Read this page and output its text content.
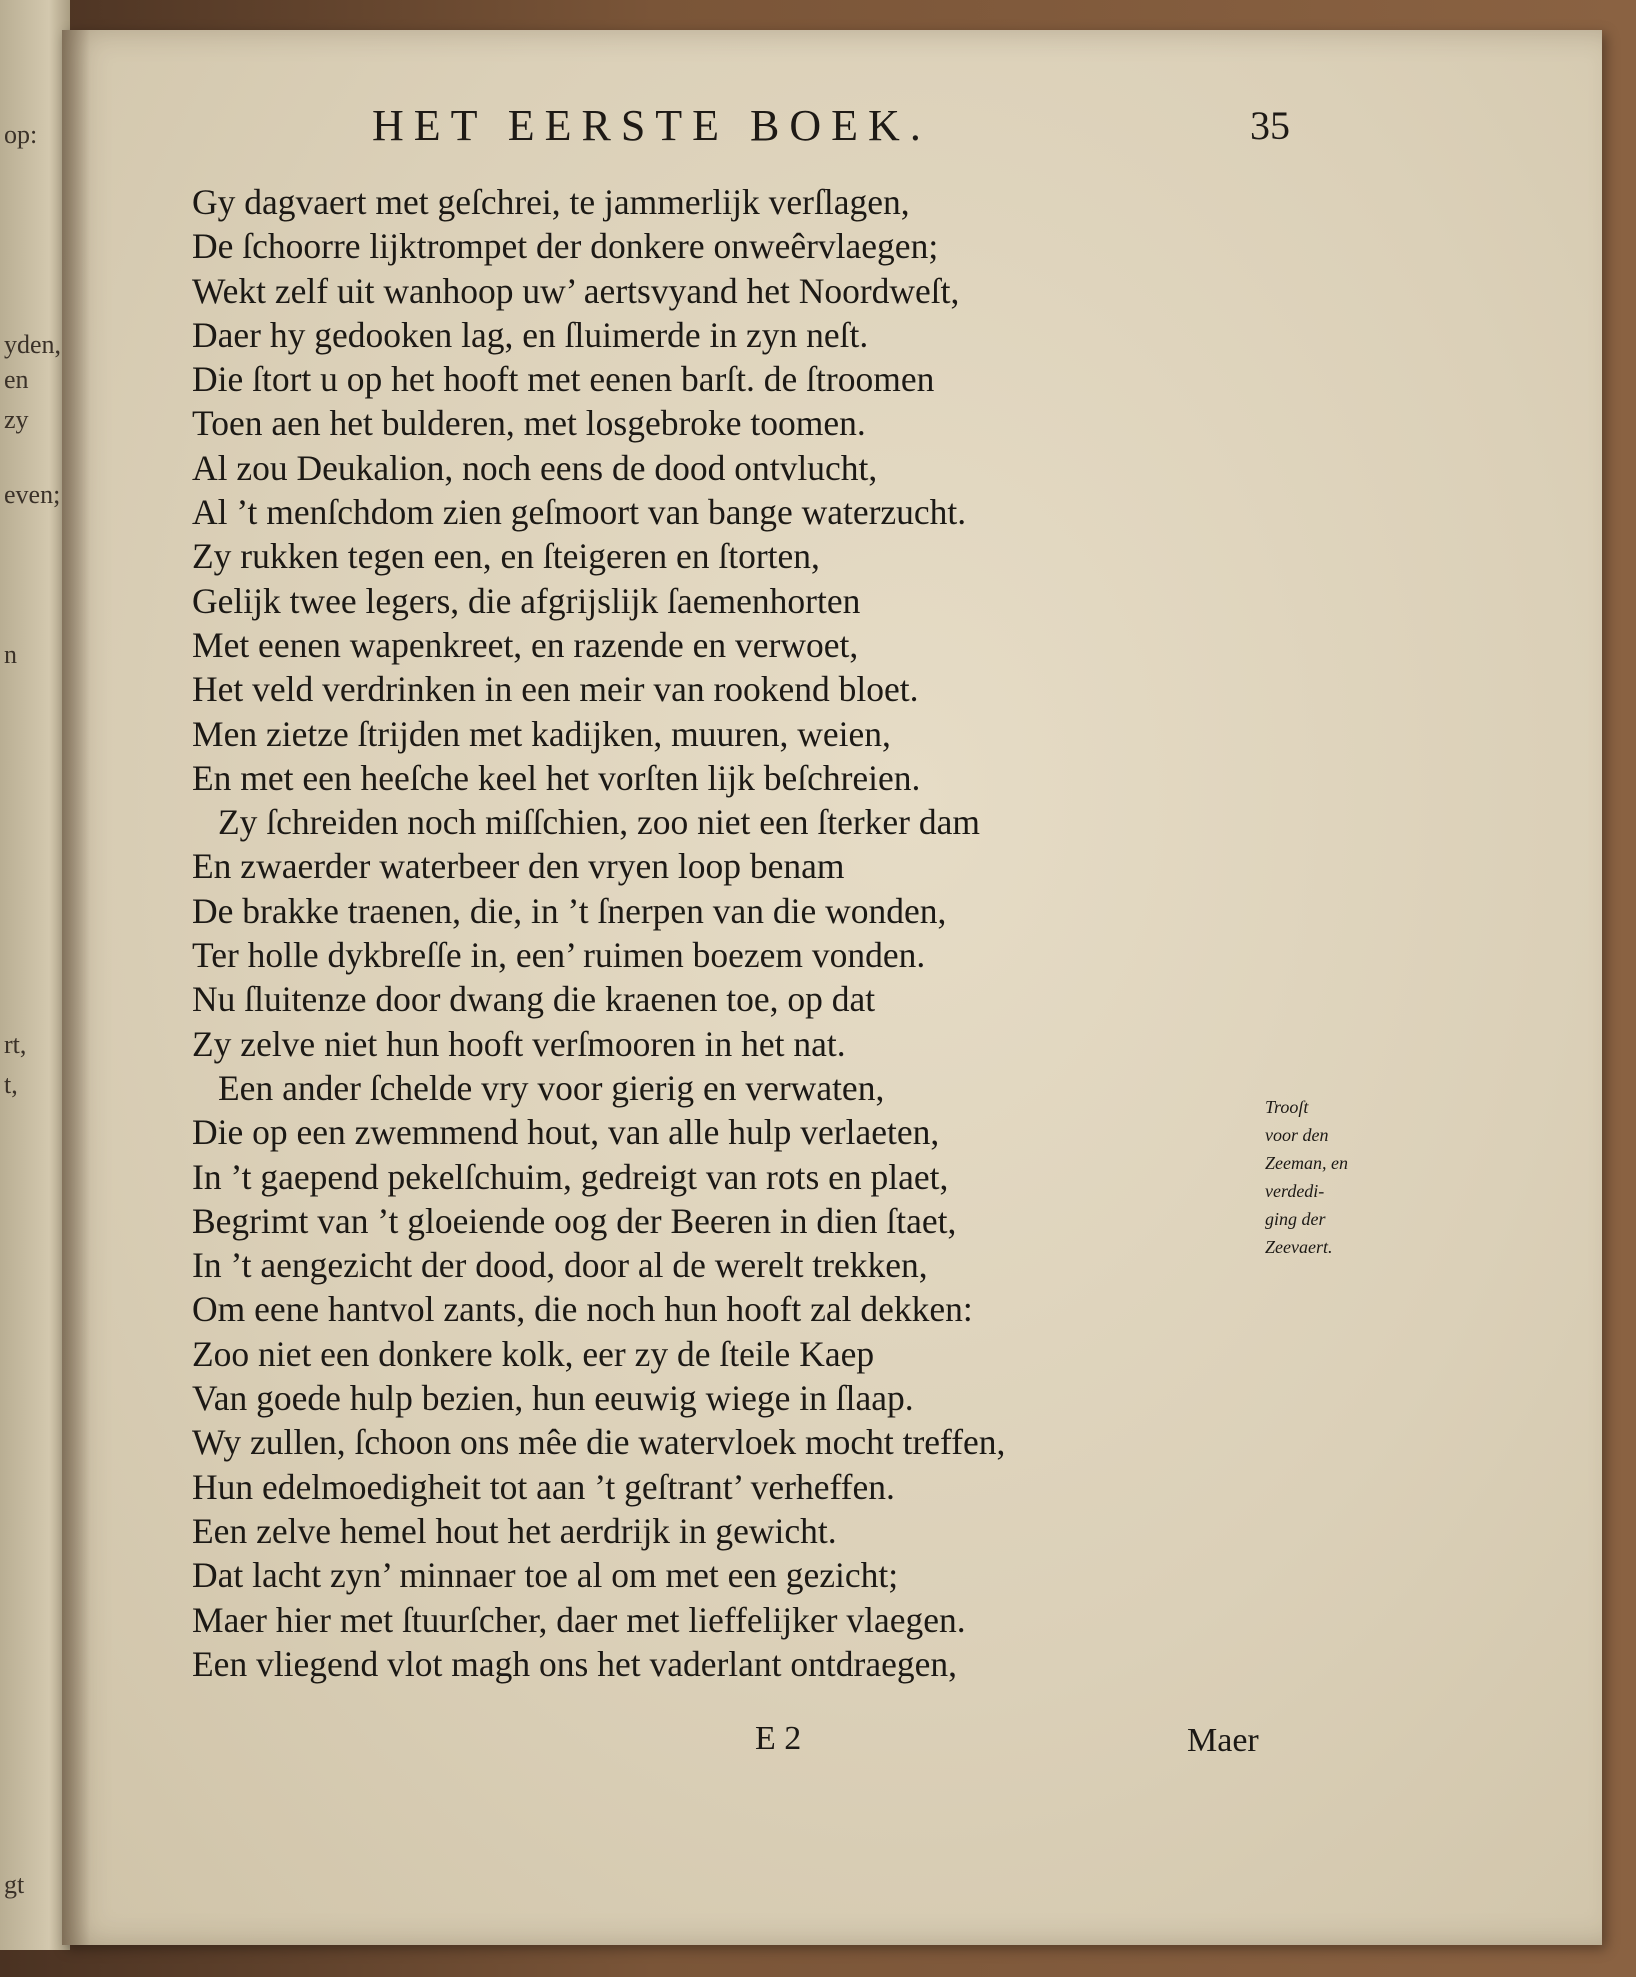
op:
yden,
en
zy
even;
n
rt,
t,
gt
HET EERSTE BOEK.	35
Gy dagvaert met geſchrei, te jammerlijk verſlagen,
De ſchoorre lijktrompet der donkere onweêrvlaegen;
Wekt zelf uit wanhoop uw’ aertsvyand het Noordweſt,
Daer hy gedooken lag, en ſluimerde in zyn neſt.
Die ſtort u op het hooft met eenen barſt. de ſtroomen
Toen aen het bulderen, met losgebroke toomen.
Al zou Deukalion, noch eens de dood ontvlucht,
Al ’t menſchdom zien geſmoort van bange waterzucht.
Zy rukken tegen een, en ſteigeren en ſtorten,
Gelijk twee legers, die afgrijslijk ſaemenhorten
Met eenen wapenkreet, en razende en verwoet,
Het veld verdrinken in een meir van rookend bloet.
Men zietze ſtrijden met kadijken, muuren, weien,
En met een heeſche keel het vorſten lijk beſchreien.
Zy ſchreiden noch miſſchien, zoo niet een ſterker dam
En zwaerder waterbeer den vryen loop benam
De brakke traenen, die, in ’t ſnerpen van die wonden,
Ter holle dykbreſſe in, een’ ruimen boezem vonden.
Nu ſluitenze door dwang die kraenen toe, op dat
Zy zelve niet hun hooft verſmooren in het nat.
Een ander ſchelde vry voor gierig en verwaten,
Die op een zwemmend hout, van alle hulp verlaeten,
In ’t gaepend pekelſchuim, gedreigt van rots en plaet,
Begrimt van ’t gloeiende oog der Beeren in dien ſtaet,
In ’t aengezicht der dood, door al de werelt trekken,
Om eene hantvol zants, die noch hun hooft zal dekken:
Zoo niet een donkere kolk, eer zy de ſteile Kaep
Van goede hulp bezien, hun eeuwig wiege in ſlaap.
Wy zullen, ſchoon ons mêe die watervloek mocht treffen,
Hun edelmoedigheit tot aan ’t geſtrant’ verheffen.
Een zelve hemel hout het aerdrijk in gewicht.
Dat lacht zyn’ minnaer toe al om met een gezicht;
Maer hier met ſtuurſcher, daer met lieffelijker vlaegen.
Een vliegend vlot magh ons het vaderlant ontdraegen,
Trooſt
voor den
Zeeman, en
verdedi-
ging der
Zeevaert.
E 2	Maer
